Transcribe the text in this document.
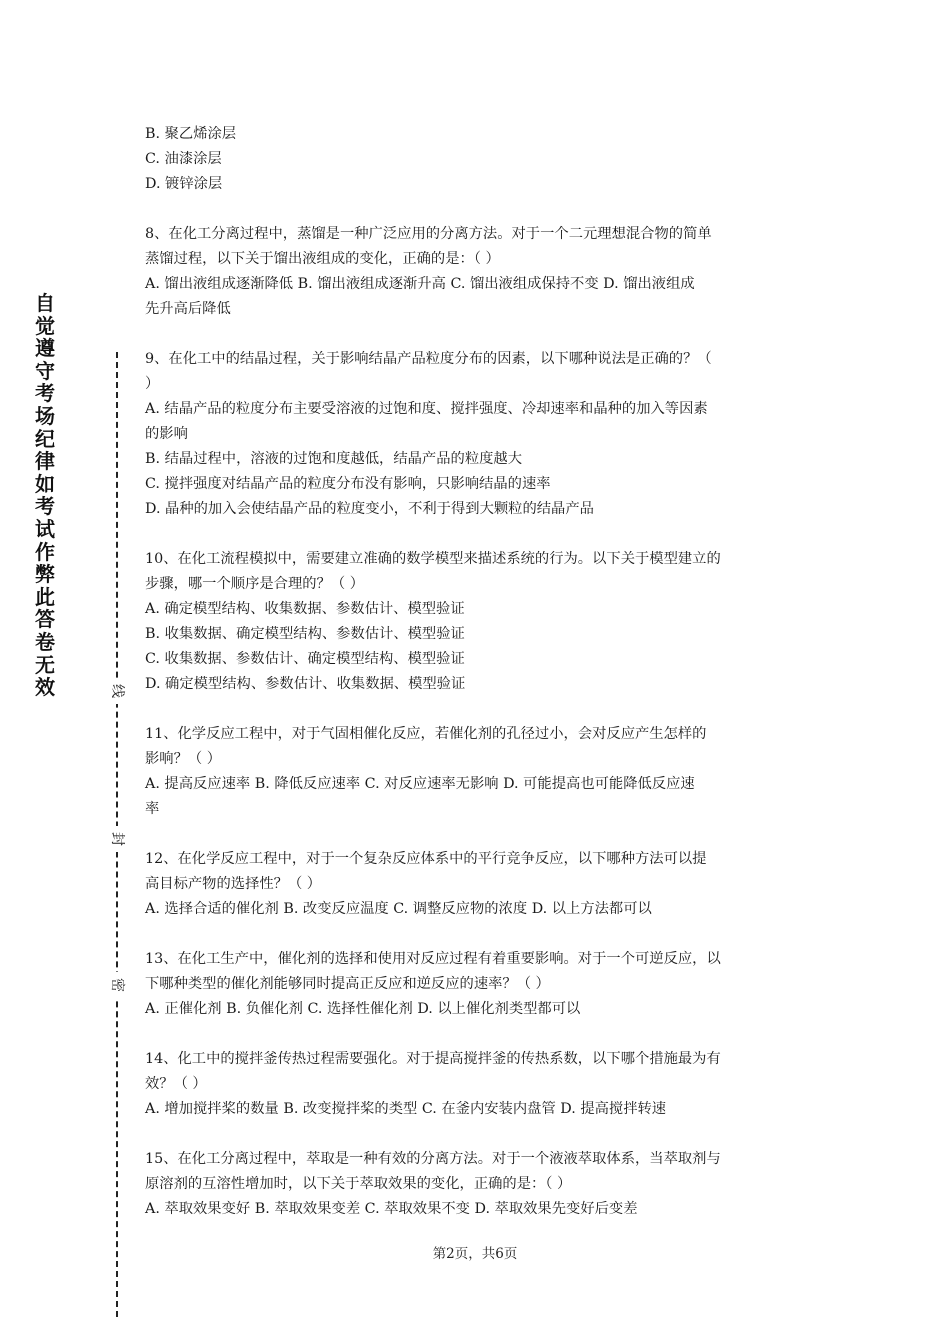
自觉遵守考场纪律如考试作弊此答卷无效	线
封
密
B. 聚乙烯涂层
C. 油漆涂层
D. 镀锌涂层
8、在化工分离过程中，蒸馏是一种广泛应用的分离方法。对于一个二元理想混合物的简单
蒸馏过程，以下关于馏出液组成的变化，正确的是：（ ）
A. 馏出液组成逐渐降低 B. 馏出液组成逐渐升高 C. 馏出液组成保持不变 D. 馏出液组成
先升高后降低
9、在化工中的结晶过程，关于影响结晶产品粒度分布的因素，以下哪种说法是正确的？（
）
A. 结晶产品的粒度分布主要受溶液的过饱和度、搅拌强度、冷却速率和晶种的加入等因素
的影响
B. 结晶过程中，溶液的过饱和度越低，结晶产品的粒度越大
C. 搅拌强度对结晶产品的粒度分布没有影响，只影响结晶的速率
D. 晶种的加入会使结晶产品的粒度变小，不利于得到大颗粒的结晶产品
10、在化工流程模拟中，需要建立准确的数学模型来描述系统的行为。以下关于模型建立的
步骤，哪一个顺序是合理的？（ ）
A. 确定模型结构、收集数据、参数估计、模型验证
B. 收集数据、确定模型结构、参数估计、模型验证
C. 收集数据、参数估计、确定模型结构、模型验证
D. 确定模型结构、参数估计、收集数据、模型验证
11、化学反应工程中，对于气固相催化反应，若催化剂的孔径过小，会对反应产生怎样的
影响？（ ）
A. 提高反应速率 B. 降低反应速率 C. 对反应速率无影响 D. 可能提高也可能降低反应速
率
12、在化学反应工程中，对于一个复杂反应体系中的平行竞争反应，以下哪种方法可以提
高目标产物的选择性？（ ）
A. 选择合适的催化剂 B. 改变反应温度 C. 调整反应物的浓度 D. 以上方法都可以
13、在化工生产中，催化剂的选择和使用对反应过程有着重要影响。对于一个可逆反应，以
下哪种类型的催化剂能够同时提高正反应和逆反应的速率？（ ）
A. 正催化剂 B. 负催化剂 C. 选择性催化剂 D. 以上催化剂类型都可以
14、化工中的搅拌釜传热过程需要强化。对于提高搅拌釜的传热系数，以下哪个措施最为有
效？（ ）
A. 增加搅拌桨的数量 B. 改变搅拌桨的类型 C. 在釜内安装内盘管 D. 提高搅拌转速
15、在化工分离过程中，萃取是一种有效的分离方法。对于一个液液萃取体系，当萃取剂与
原溶剂的互溶性增加时，以下关于萃取效果的变化，正确的是：（ ）
A. 萃取效果变好 B. 萃取效果变差 C. 萃取效果不变 D. 萃取效果先变好后变差
第2页，共6页
